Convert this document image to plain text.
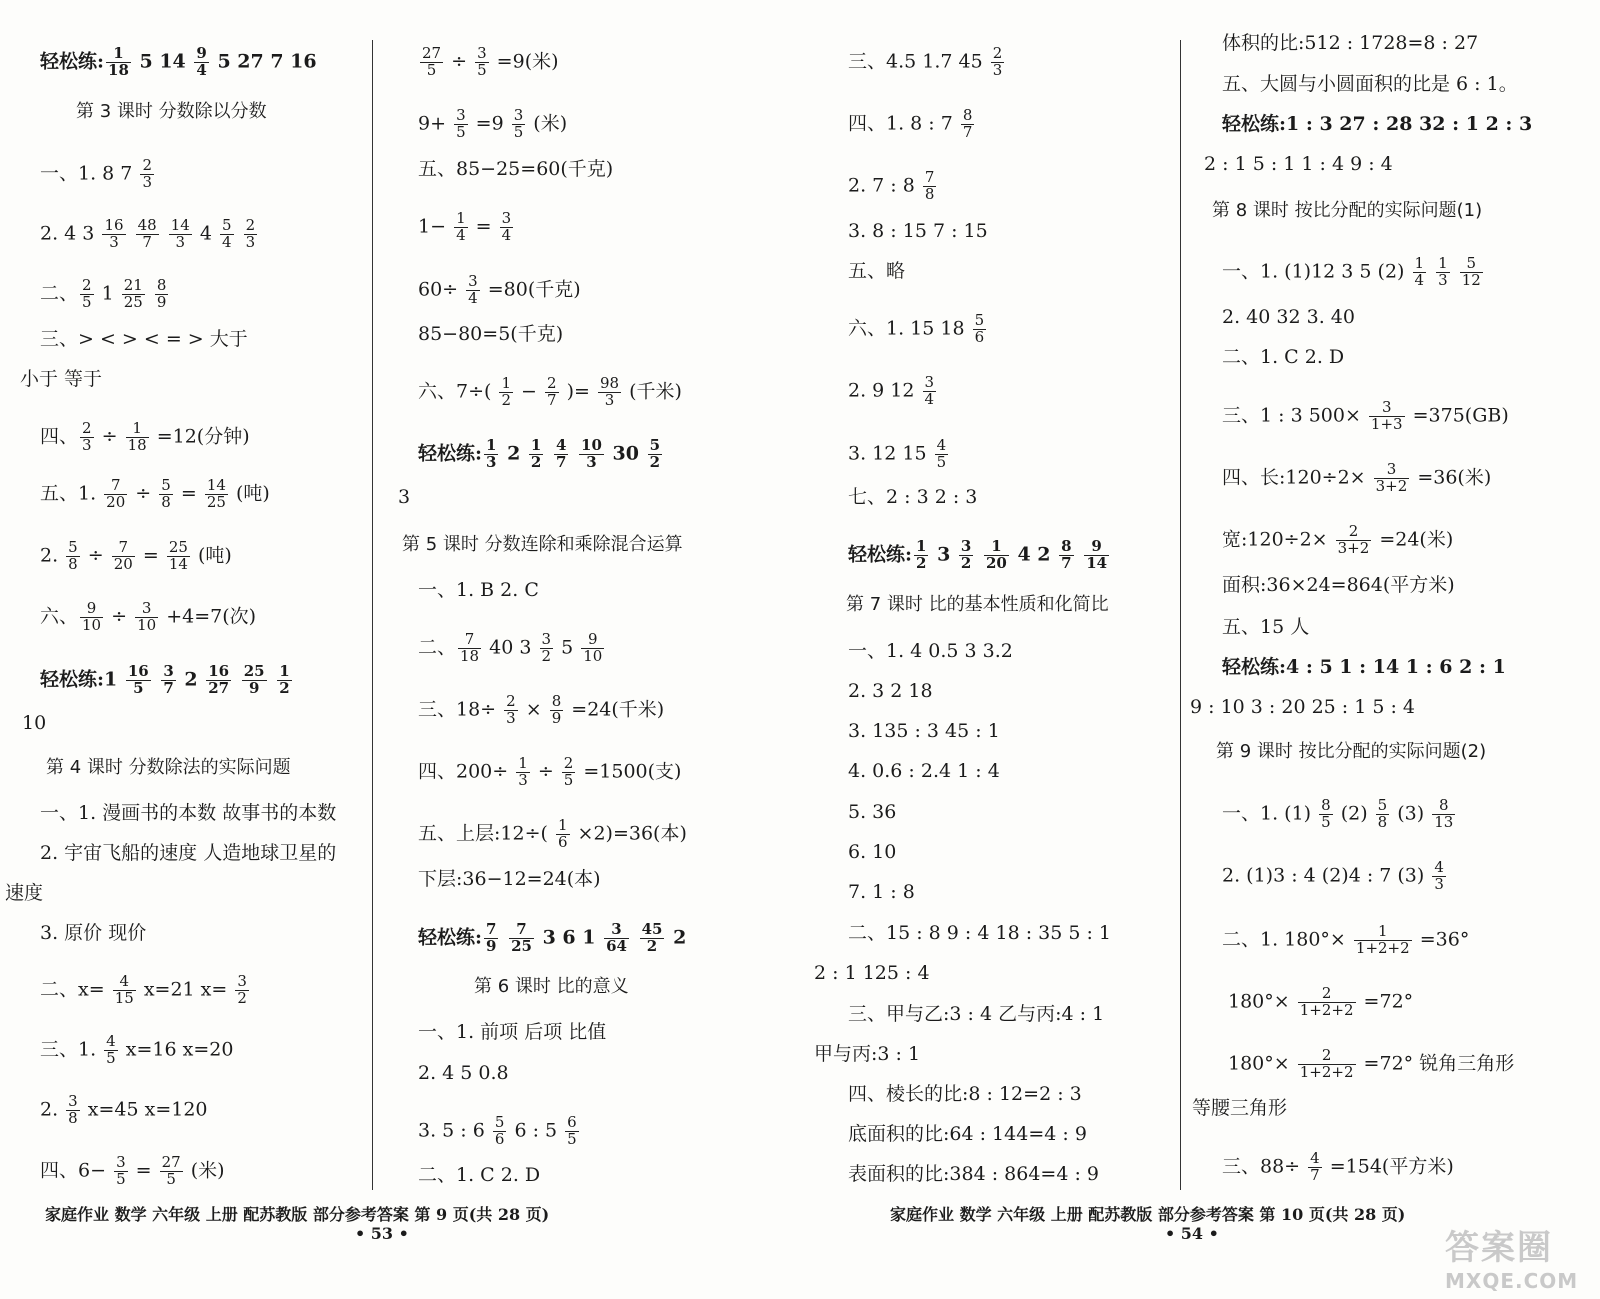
轻松练: $\frac{1}{18} 5$ $14 \frac{9}{4} 5$ 27 7 16
第 3 课时 分数除以分数
一、1. 8 $7 \frac{2}{3}$
2. 4 $3 \frac{16}{3}$
$\frac{48}{7}$
$\frac{14}{3} 4 \frac{5}{4}$
$\frac{2}{3}$
二、 $\frac{2}{5} 1 \frac{21}{25}$
$\frac{8}{9}$
三、> < > < = > 大于
小于 等于
四、 $\frac{2}{3} \div \frac{1}{18} =12$(分钟)
五、1. $\frac{7}{20} \div \frac{5}{8} = \frac{14}{25}$ (吨)
2. $\frac{5}{8} \div \frac{7}{20} = \frac{25}{14}$ (吨)
六、 $\frac{9}{10} \div \frac{3}{10} +4=7$(次)
轻松练:1 $\frac{16}{5}$
$\frac{3}{7} 2 \frac{16}{27}$
$\frac{25}{9}$
$\frac{1}{2}$
10
第 4 课时 分数除法的实际问题
一、1. 漫画书的本数 故事书的本数
2. 宇宙飞船的速度 人造地球卫星的
速度
3. 原价 现价
二、$x= \frac{4}{15} x=21$ $x= \frac{3}{2}$
三、1. $\frac{4}{5} x=16$ x=20
2. $\frac{3}{8} x=45$ x=120
四、$6- \frac{3}{5} = \frac{27}{5}$ (米)
$\frac{27}{5} \div \frac{3}{5} =9$(米)
$9+ \frac{3}{5} =9 \frac{3}{5}$ (米)
五、85−25=60(千克)
$1- \frac{1}{4} = \frac{3}{4}$
$60\div \frac{3}{4} =80$(千克)
85−80=5(千克)
六、$7\div( \frac{1}{2} - \frac{2}{7}$ )= $\frac{98}{3}$ (千米)
轻松练: $\frac{1}{3} 2 \frac{1}{2}$
$\frac{4}{7}$
$\frac{10}{3} 30 \frac{5}{2}$
3
第 5 课时 分数连除和乘除混合运算
一、1. B 2. C
二、 $\frac{7}{18} 40$ $3 \frac{3}{2} 5 \frac{9}{10}$
三、$18\div \frac{2}{3} \times \frac{8}{9} =24$(千米)
四、$200\div \frac{1}{3} \div \frac{2}{5} =1500$(支)
五、上层:12÷( $\frac{1}{6} \times 2)=36$(本)
下层:36−12=24(本)
轻松练: $\frac{7}{9}$
$\frac{7}{25} 3$ 6 $1 \frac{3}{64}$
$\frac{45}{2} 2$
第 6 课时 比的意义
一、1. 前项 后项 比值
2. 4 5 0.8
3. 5 : $6 \frac{5}{6} 6$ : $5 \frac{6}{5}$
二、1. C 2. D
三、4.5 1.7 $45 \frac{2}{3}$
四、1. 8 : $7 \frac{8}{7}$
2. 7 : $8 \frac{7}{8}$
3. 8 : 15 7 : 15
五、略
六、1. 15 $18 \frac{5}{6}$
2. 9 $12 \frac{3}{4}$
3. 12 $15 \frac{4}{5}$
七、2 : 3 2 : 3
轻松练: $\frac{1}{2} 3 \frac{3}{2}$
$\frac{1}{20} 4$ $2 \frac{8}{7}$
$\frac{9}{14}$
第 7 课时 比的基本性质和化简比
一、1. 4 0.5 3 3.2
2. 3 2 18
3. 135 : 3 45 : 1
4. 0.6 : 2.4 1 : 4
5. 36
6. 10
7. 1 : 8
二、15 : 8 9 : 4 18 : 35 5 : 1
2 : 1 125 : 4
三、甲与乙:3 : 4 乙与丙:4 : 1
甲与丙:3 : 1
四、棱长的比:8 : 12=2 : 3
底面积的比:64 : 144=4 : 9
表面积的比:384 : 864=4 : 9
体积的比:512 : 1728=8 : 27
五、大圆与小圆面积的比是 6 : 1。
轻松练:1 : 3 27 : 28 32 : 1 2 : 3
2 : 1 5 : 1 1 : 4 9 : 4
第 8 课时 按比分配的实际问题(1)
一、1. (1)12 3 5 $(2) \frac{1}{4}$
$\frac{1}{3}$
$\frac{5}{12}$
2. 40 32 3. 40
二、1. C 2. D
三、1 : 3 $500\times \frac{3}{1+3} =375(GB)$
四、长:120÷2× $\frac{3}{3+2} =36$(米)
宽:120÷2× $\frac{2}{3+2} =24$(米)
面积:36×24=864(平方米)
五、15 人
轻松练:4 : 5 1 : 14 1 : 6 2 : 1
9 : 10 3 : 20 25 : 1 5 : 4
第 9 课时 按比分配的实际问题(2)
一、1. $(1) \frac{8}{5} (2) \frac{5}{8} (3) \frac{8}{13}$
2. (1)3 : 4 (2)4 : 7 $(3) \frac{4}{3}$
二、1. $180^\circ\times \frac{1}{1+2+2} =36^\circ$
$180^\circ\times \frac{2}{1+2+2} =72^\circ$
$180^\circ\times \frac{2}{1+2+2} =72^\circ$ 锐角三角形
等腰三角形
三、$88\div \frac{4}{7} =154$(平方米)
家庭作业 数学 六年级 上册 配苏教版 部分参考答案 第 9 页(共 28 页)
• 53 •
家庭作业 数学 六年级 上册 配苏教版 部分参考答案 第 10 页(共 28 页)
• 54 •	答案圈
MXQE.COM
